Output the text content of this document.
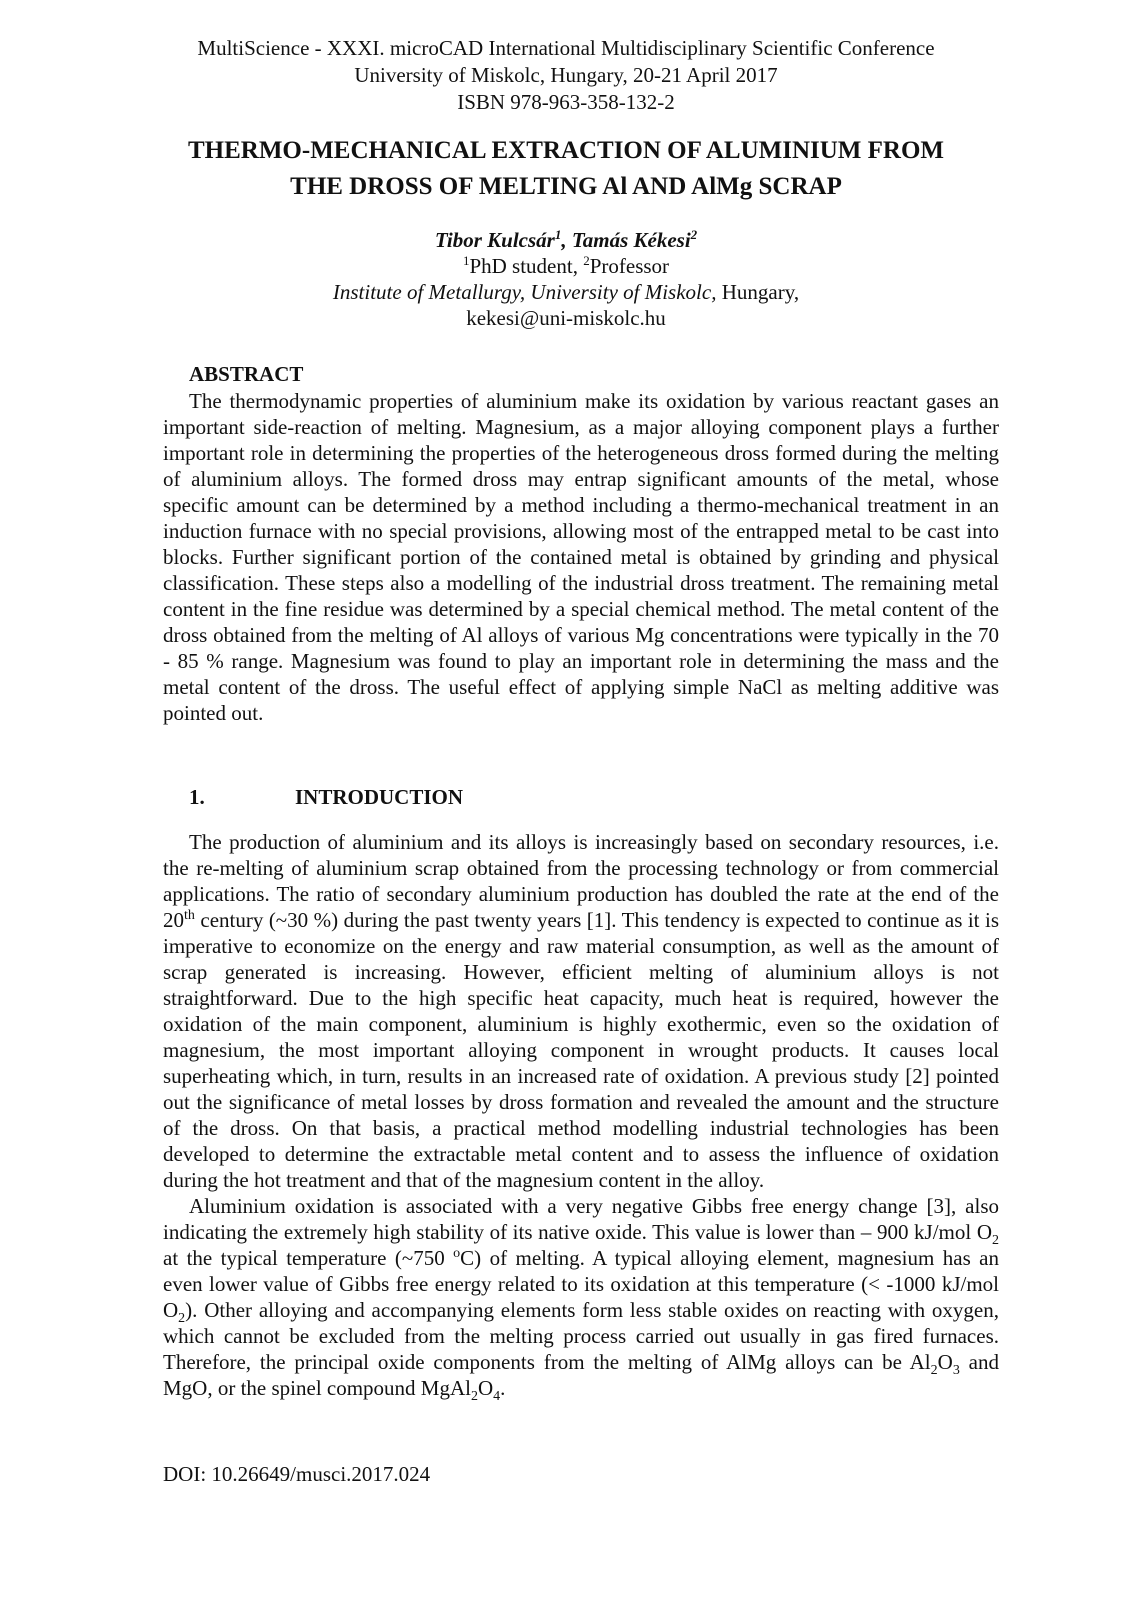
MultiScience - XXXI. microCAD International Multidisciplinary Scientific Conference
University of Miskolc, Hungary, 20-21 April 2017
ISBN 978-963-358-132-2
THERMO-MECHANICAL EXTRACTION OF ALUMINIUM FROM
THE DROSS OF MELTING Al AND AlMg SCRAP
Tibor Kulcsár$^1$, Tamás Kékesi$^2$
$^1$PhD student, $^2$Professor
Institute of Metallurgy, University of Miskolc, Hungary,
kekesi@uni-miskolc.hu
ABSTRACT
The thermodynamic properties of aluminium make its oxidation by various reactant gases an important side-reaction of melting. Magnesium, as a major alloying component plays a further important role in determining the properties of the heterogeneous dross formed during the melting of aluminium alloys. The formed dross may entrap significant amounts of the metal, whose specific amount can be determined by a method including a thermo-mechanical treatment in an induction furnace with no special provisions, allowing most of the entrapped metal to be cast into blocks. Further significant portion of the contained metal is obtained by grinding and physical classification. These steps also a modelling of the industrial dross treatment. The remaining metal content in the fine residue was determined by a special chemical method. The metal content of the dross obtained from the melting of Al alloys of various Mg concentrations were typically in the 70 - 85 % range. Magnesium was found to play an important role in determining the mass and the metal content of the dross. The useful effect of applying simple NaCl as melting additive was pointed out.
1.	INTRODUCTION

The production of aluminium and its alloys is increasingly based on secondary resources, i.e. the re-melting of aluminium scrap obtained from the processing technology or from commercial applications. The ratio of secondary aluminium production has doubled the rate at the end of the 20th century (~30 %) during the past twenty years [1]. This tendency is expected to continue as it is imperative to economize on the energy and raw material consumption, as well as the amount of scrap generated is increasing. However, efficient melting of aluminium alloys is not straightforward. Due to the high specific heat capacity, much heat is required, however the oxidation of the main component, aluminium is highly exothermic, even so the oxidation of magnesium, the most important alloying component in wrought products. It causes local superheating which, in turn, results in an increased rate of oxidation. A previous study [2] pointed out the significance of metal losses by dross formation and revealed the amount and the structure of the dross. On that basis, a practical method modelling industrial technologies has been developed to determine the extractable metal content and to assess the influence of oxidation during the hot treatment and that of the magnesium content in the alloy.

Aluminium oxidation is associated with a very negative Gibbs free energy change [3], also indicating the extremely high stability of its native oxide. This value is lower than – 900 kJ/mol $O_2$ at the typical temperature (~750 $^o$C) of melting. A typical alloying element, magnesium has an even lower value of Gibbs free energy related to its oxidation at this temperature (< -1000 kJ/mol $O_2$). Other alloying and accompanying elements form less stable oxides on reacting with oxygen, which cannot be excluded from the melting process carried out usually in gas fired furnaces. Therefore, the principal oxide components from the melting of AlMg alloys can be $Al_2O_3$ and MgO, or the spinel compound $MgAl_2O_4$.

DOI: 10.26649/musci.2017.024
